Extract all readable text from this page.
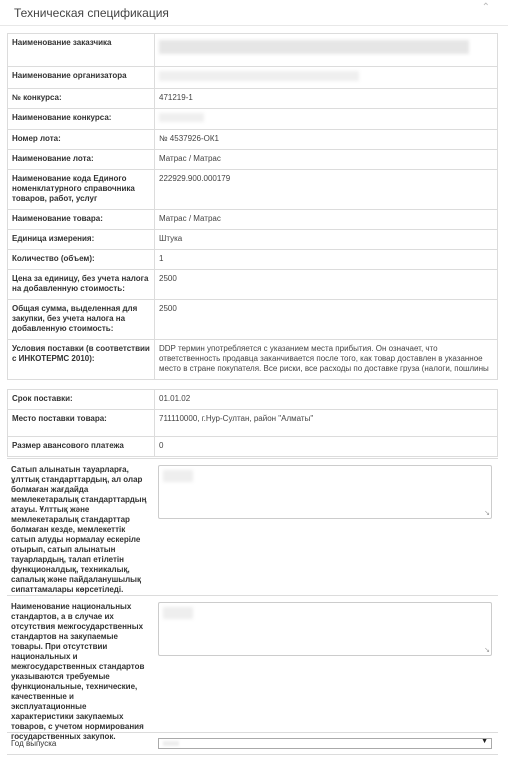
Техническая спецификация	⌃
Наименование заказчика	
Наименование организатора	
№ конкурса:	471219-1
Наименование конкурса:	
Номер лота:	№ 4537926-ОК1
Наименование лота:	Матрас / Матрас
Наименование кода Единого номенклатурного справочника товаров, работ, услуг	222929.900.000179
Наименование товара:	Матрас / Матрас
Единица измерения:	Штука
Количество (объем):	1
Цена за единицу, без учета налога на добавленную стоимость:	2500
Общая сумма, выделенная для закупки, без учета налога на добавленную стоимость:	2500
Условия поставки (в соответствии с ИНКОТЕРМС 2010):	DDP термин употребляется с указанием места прибытия. Он означает, что ответственность продавца заканчивается после того, как товар доставлен в указанное место в стране покупателя. Все риски, все расходы по доставке груза (налоги, пошлины

Срок поставки:	01.01.02
Место поставки товара:	711110000, г.Нур-Султан, район "Алматы"
Размер авансового платежа	0
Сатып алынатын тауарларға, ұлттық стандарттардың, ал олар болмаған жағдайда мемлекетаралық стандарттардың атауы. Ұлттық және мемлекетаралық стандарттар болмаған кезде, мемлекеттік сатып алуды нормалау ескеріле отырып, сатып алынатын тауарлардың, талап етілетін функционалдық, техникалық, сапалық және пайдаланушылық сипаттамалары көрсетіледі.
↘
Наименование национальных стандартов, а в случае их отсутствия межгосударственных стандартов на закупаемые товары. При отсутствии национальных и межгосударственных стандартов указываются требуемые функциональные, технические, качественные и эксплуатационные характеристики закупаемых товаров, с учетом нормирования государственных закупок.
↘
Год выпуска	▼
